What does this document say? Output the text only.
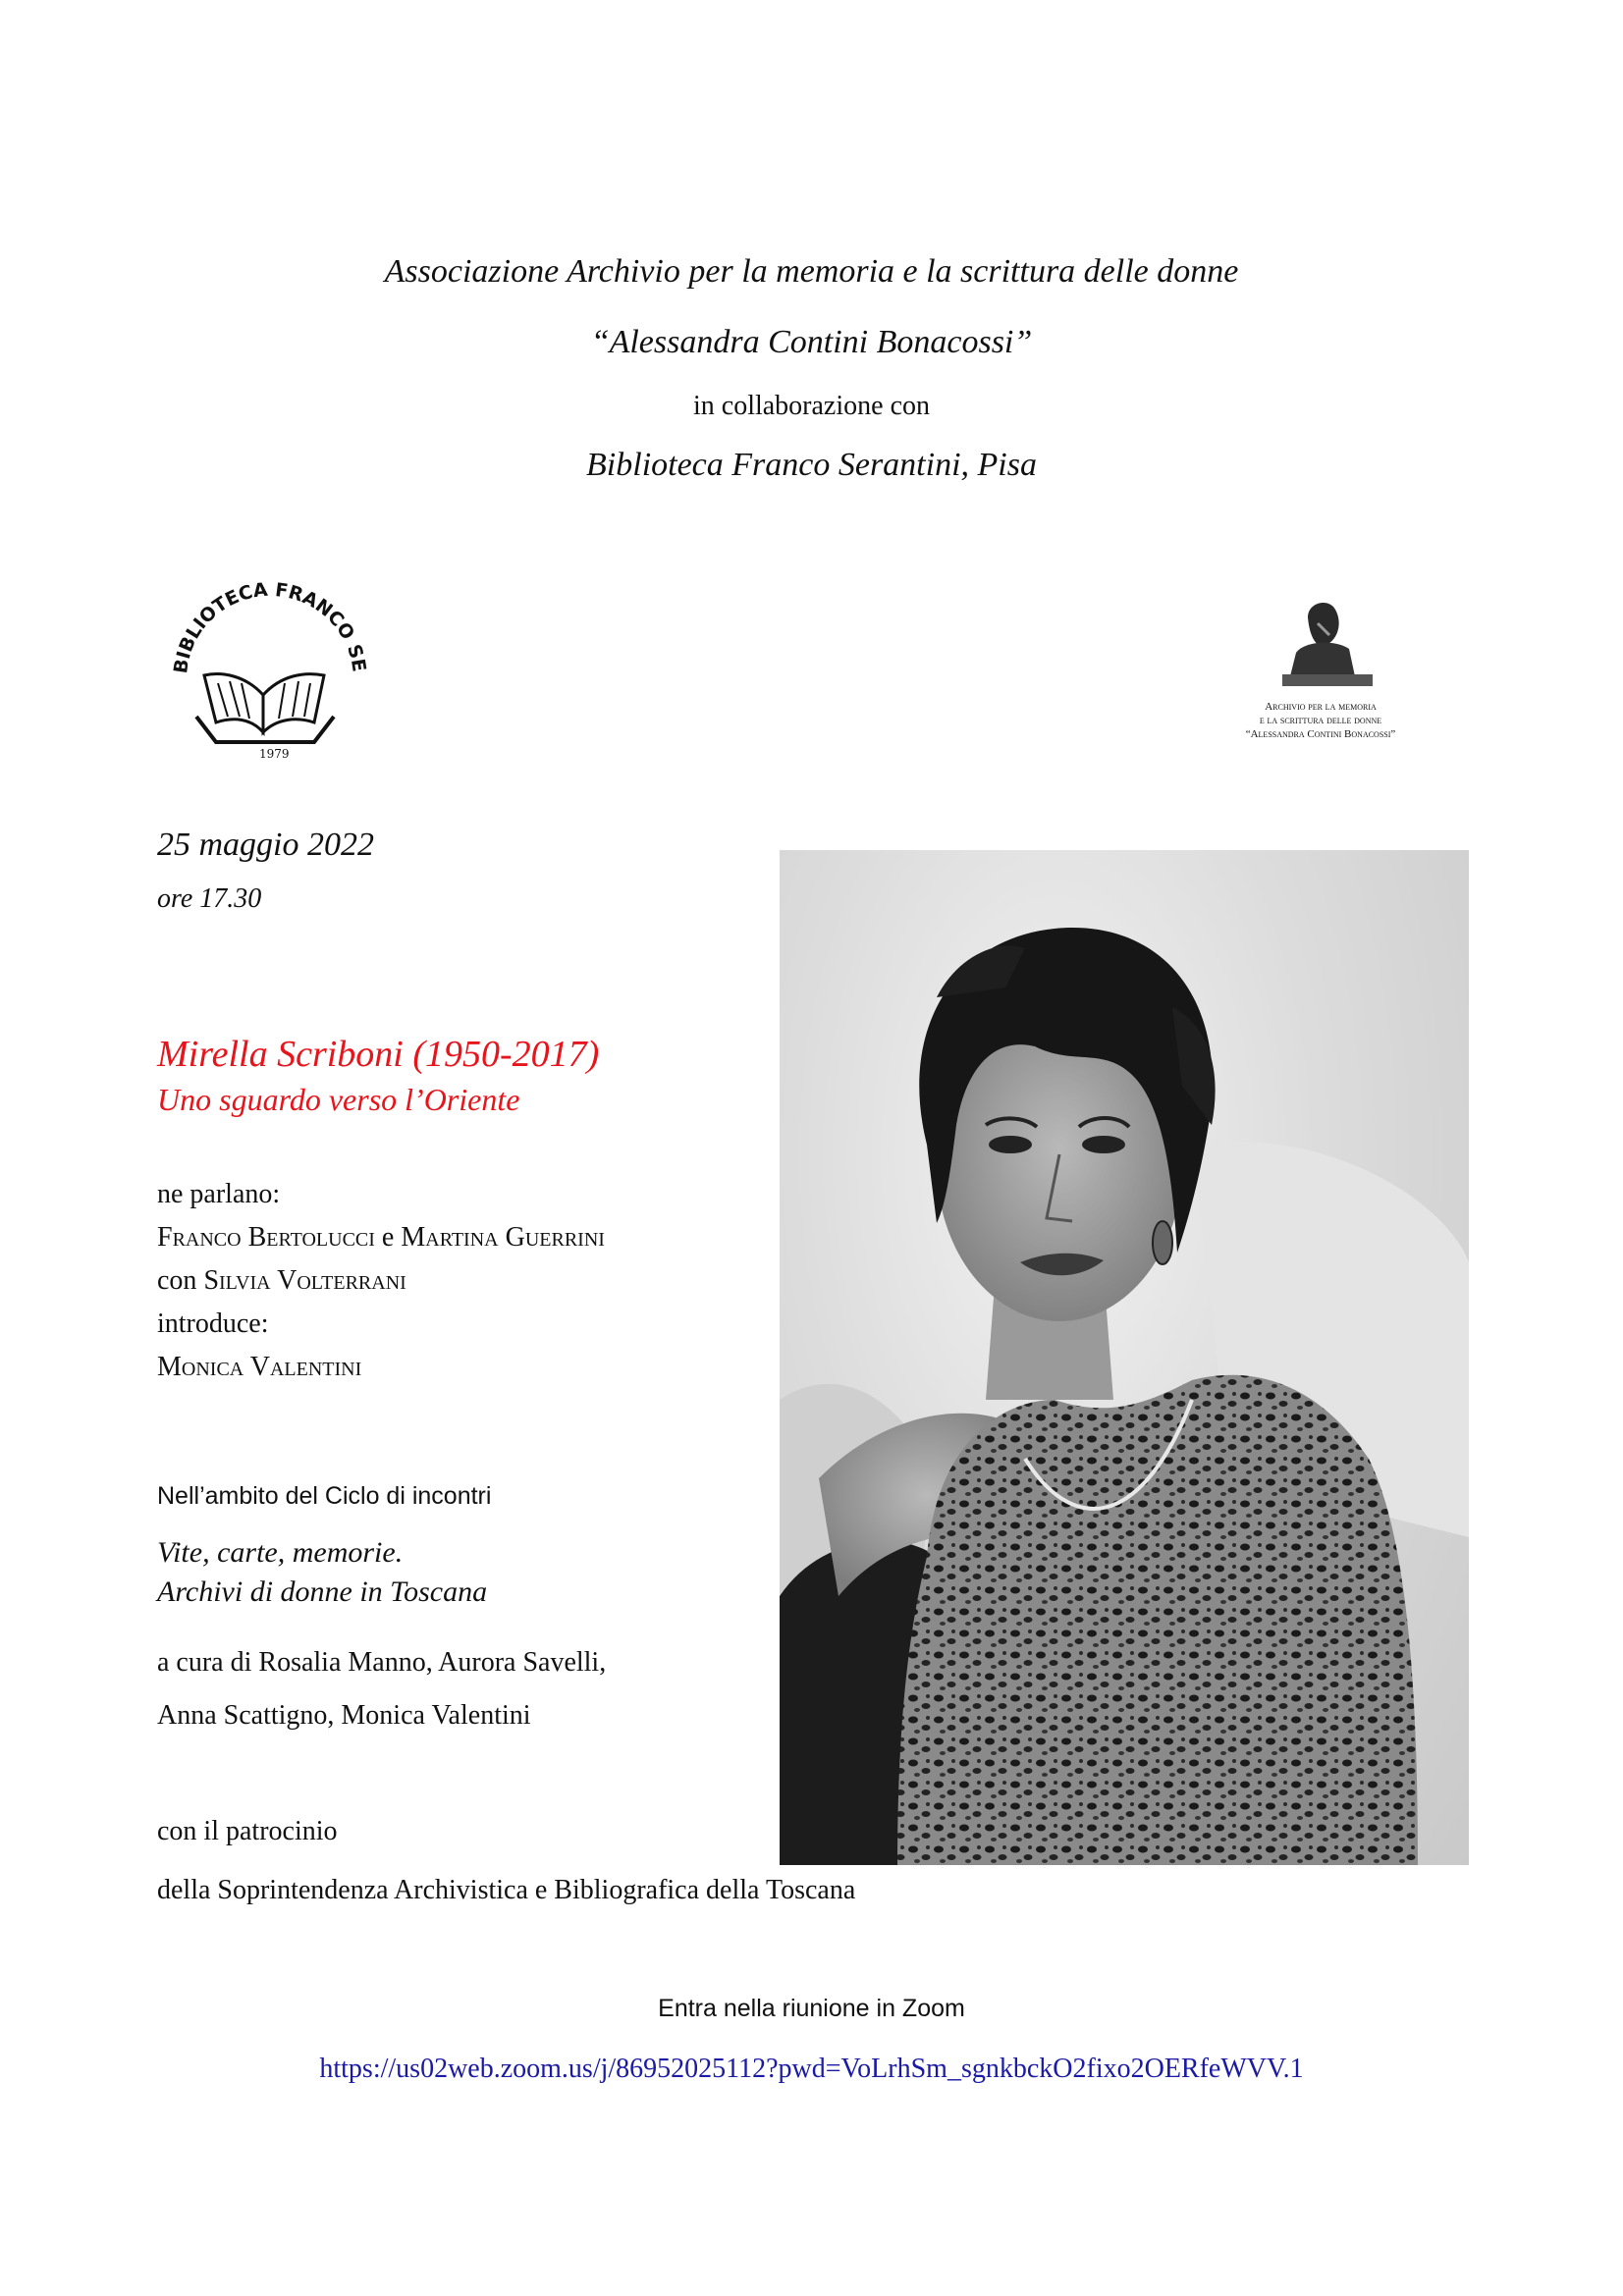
Associazione Archivio per la memoria e la scrittura delle donne
“Alessandra Contini Bonacossi”
in collaborazione con
Biblioteca Franco Serantini, Pisa
BIBLIOTECA FRANCO SE
1979
Archivio per la memoria
e la scrittura delle donne
“Alessandra Contini Bonacossi”
25 maggio 2022
ore 17.30
Mirella Scriboni (1950-2017)
Uno sguardo verso l’Oriente
ne parlano:
Franco Bertolucci e Martina Guerrini
con Silvia Volterrani
introduce:
Monica Valentini
Nell’ambito del Ciclo di incontri
Vite, carte, memorie.
Archivi di donne in Toscana
a cura di Rosalia Manno, Aurora Savelli,
Anna Scattigno, Monica Valentini
con il patrocinio
della Soprintendenza Archivistica e Bibliografica della Toscana
Entra nella riunione in Zoom
https://us02web.zoom.us/j/86952025112?pwd=VoLrhSm_sgnkbckO2fixo2OERfeWVV.1
